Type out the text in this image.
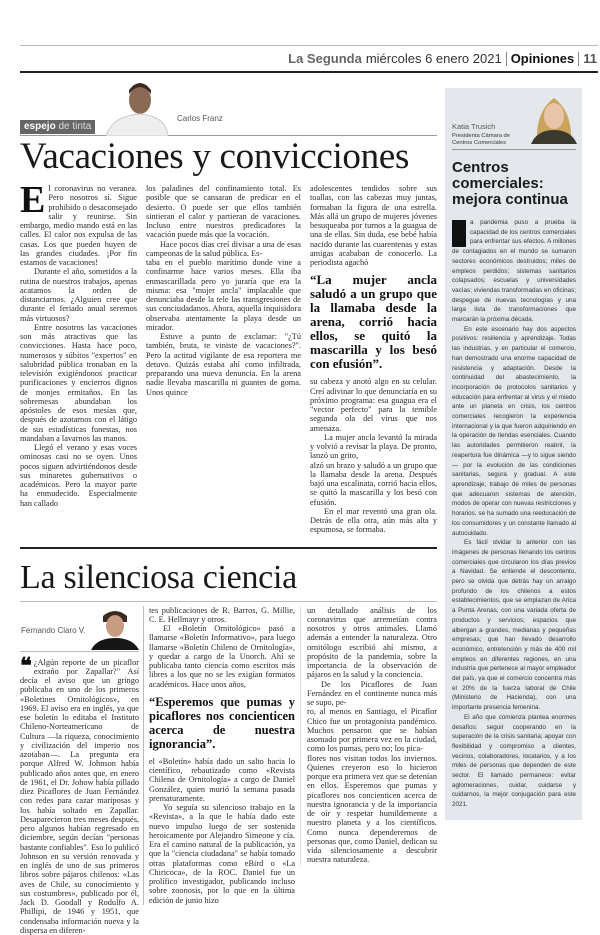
La Segunda miércoles 6 enero 2021 Opiniones 11
espejo de tinta
Carlos Franz
Vacaciones y convicciones
E l coronavirus no veranea. Pero nosotros sí. Sigue prohibido o desaconsejado salir y reunirse. Sin embargo, medio mando está en las calles. El calor nos expulsa de las casas. Los que pueden huyen de las grandes ciudades. ¡Por fin estamos de vacaciones!

Durante el año, sometidos a la rutina de nuestros trabajos, apenas acatamos la orden de distanciarnos. ¿Alguien cree que durante el feriado anual seremos más virtuosos?

Entre nosotros las vacaciones son más atractivas que las convicciones. Hasta hace poco, numerosos y súbitos "expertos" en salubridad pública tronaban en la televisión exigiéndonos practicar purificaciones y encierros dignos de monjes ermitaños. En las sobremesas abundaban los apóstoles de esos mesías que, después de azotarnos con el látigo de sus estadísticas funestas, nos mandaban a lavarnos las manos.

Llegó el verano y esas voces ominosas casi no se oyen. Unos pocos siguen advirtiéndonos desde sus minaretes gubernativos o académicos. Pero la mayor parte ha enmudecido. Especialmente han callado

los paladines del confinamiento total. Es posible que se cansaran de predicar en el desierto. O puede ser que ellos también sintieran el calor y partieran de vacaciones. Incluso entre nuestros predicadores la vacación puede más que la vocación.

Hace pocos días creí divisar a una de esas campeonas de la salud pública. Es-

taba en el pueblo marítimo donde vine a confinarme hace varios meses. Ella iba enmascarillada pero yo juraría que era la misma: esa "mujer ancla" implacable que denunciaba desde la tele las transgresiones de sus conciudadanos. Ahora, aquella inquisidora observaba atentamente la playa desde un mirador.

Estuve a punto de exclamar: "¿Tú también, bruta, te viniste de vacaciones?". Pero la actitud vigilante de esa reportera me detuvo. Quizás estaba ahí como infiltrada, preparando una nueva denuncia. En la arena nadie llevaba mascarilla ni guantes de goma. Unos quince

adolescentes tendidos sobre sus toallas, con las cabezas muy juntas, formaban la figura de una estrella. Más allá un grupo de mujeres jóvenes besuqueaba por turnos a la guagua de una de ellas. Sin duda, ese bebé había nacido durante las cuarentenas y estas amigas acababan de conocerlo. La periodista agachó

“La mujer ancla saludó a un grupo que la llamaba desde la arena, corrió hacia ellos, se quitó la mascarilla y los besó con efusión”.

su cabeza y anotó algo en su celular. Creí adivinar lo que denunciaría en su próximo programa: esa guagua era el "vector perfecto" para la temible segunda ola del virus que nos amenaza.

La mujer ancla levantó la mirada y volvió a revisar la playa. De pronto, lanzó un grito,

alzó un brazo y saludó a un grupo que la llamaba desde la arena. Después bajó una escalinata, corrió hacia ellos, se quitó la mascarilla y los besó con efusión.

En el mar reventó una gran ola. Detrás de ella otra, aún más alta y espumosa, se formaba.

La silenciosa ciencia
Fernando Claro V.
❝ ¿Algún reporte de un picaflor extraño por Zapallar?" Así decía el aviso que un gringo publicaba en uno de los primeros «Boletines Ornitológicos», en 1969. El aviso era en inglés, ya que ese boletín lo editaba el Instituto Chileno-Norteamericano de Cultura —la riqueza, conocimiento y civilización del imperio nos azotaban—. La pregunta era porque Alfred W. Johnson había publicado años antes que, en enero de 1961, el Dr. Johow había pillado diez Picaflores de Juan Fernández con redes para cazar mariposas y los había soltado en Zapallar. Desaparecieron tres meses después, pero algunos habían regresado en diciembre, según decían "personas bastante confiables". Eso lo publicó Johnson en su versión renovada y en inglés de uno de sus primeros libros sobre pájaros chilenos: «Las aves de Chile, su conocimiento y sus costumbres», publicado por él, Jack D. Goodall y Rodulfo A. Phillipi, de 1946 y 1951, que condensaba información nueva y la dispersa en diferen-

tes publicaciones de R. Barros, G. Millie, C. E. Hellmayr y otros.

El «Boletín Ornitológico» pasó a llamarse «Boletín Informativo», para luego llamarse «Boletín Chileno de Ornitología», y quedar a cargo de la Unorch. Ahí se publicaba tanto ciencia como escritos más libres a los que no se les exigían formatos académicos. Hace unos años,

“Esperemos que pumas y picaflores nos concienticen acerca de nuestra ignorancia”.

el «Boletín» había dado un salto hacia lo científico, rebautizado como «Revista Chilena de Ornitología» a cargo de Daniel González, quien murió la semana pasada prematuramente.

Yo seguía su silencioso trabajo en la «Revista», a la que le había dado este nuevo impulso luego de ser sostenida heroicamente por Alejandro Simeone y cía. Era el camino natural de la publicación, ya que la "ciencia ciudadana" se había tomado otras plataformas como eBird o «La Chiricoca», de la ROC. Daniel fue un prolífico investigador, publicando incluso sobre zoonosis, por lo que en la última edición de junio hizo

un detallado análisis de los coronavirus que arremetían contra nosotros y otros animales. Llamó además a entender la naturaleza. Otro ornitólogo escribió ahí mismo, a propósito de la pandemia, sobre la importancia de la observación de pájaros en la salud y la conciencia.

De los Picaflores de Juan Fernández en el continente nunca más se supo, pe-

ro, al menos en Santiago, el Picaflor Chico fue un protagonista pandémico. Muchos pensaron que se habían asomado por primera vez en la ciudad, como los pumas, pero no; los pica-

flores nos visitan todos los inviernos. Quienes creyeron eso lo hicieron porque era primera vez que se detenían en ellos. Esperemos que pumas y picaflores nos concienticen acerca de nuestra ignorancia y de la importancia de oír y respetar humildemente a nuestro planeta y a los científicos. Como nunca dependeremos de personas que, como Daniel, dedican su vida silenciosamente a descubrir nuestra naturaleza.

Katia Trusich
Presidenta Cámara de Centros Comerciales
Centros comerciales: mejora continua

a pandemia puso a prueba la capacidad de los centros comerciales para enfrentar sus efectos. A millones de contagiados en el mundo se sumaron sectores económicos destruidos; miles de empleos perdidos; sistemas sanitarios colapsados; escuelas y universidades vacías; viviendas transformadas en oficinas; despegue de nuevas tecnologías y una larga lista de transformaciones que marcarán la próxima década.

En este escenario hay dos aspectos positivos: resiliencia y aprendizaje. Todas las industrias, y en particular el comercio, han demostrado una enorme capacidad de resistencia y adaptación. Desde la continuidad del abastecimiento, la incorporación de protocolos sanitarios y educación para enfrentar al virus y el miedo ante un planeta en crisis, los centros comerciales recogieron la experiencia internacional y la que fueron adquiriendo en la operación de tiendas esenciales. Cuando las autoridades permitieron reabrir, la reapertura fue dinámica —y lo sigue siendo— por la evolución de las condiciones sanitarias, segura y gradual. A este aprendizaje, trabajo de miles de personas que adecuaron sistemas de atención, modos de operar con nuevas restricciones y horarios, se ha sumado una reeducación de los consumidores y un constante llamado al autocuidado.

Es fácil olvidar lo anterior con las imágenes de personas llenando los centros comerciales que circularon los días previos a Navidad. Se entiende el descontento, pero se olvida que detrás hay un arraigo profundo de los chilenos a estos establecimientos, que se emplazan de Arica a Punta Arenas, con una variada oferta de productos y servicios; espacios que albergan a grandes, medianas y pequeñas empresas; que han llevado desarrollo económico, entretención y más de 400 mil empleos en diferentes regiones, en una industria que pertenece al mayor empleador del país, ya que el comercio concentra más el 20% de la fuerza laboral de Chile (Ministerio de Hacienda), con una importante presencia femenina.

El año que comienza plantea enormes desafíos: seguir cooperando en la superación de la crisis sanitaria; apoyar con flexibilidad y compromiso a clientes, vecinos, colaboradores, locatarios, y a los miles de personas que dependen de este sector. El llamado permanece: evitar aglomeraciones, cuidar, cuidarse y cuidarnos, la mejor conjugación para este 2021.
